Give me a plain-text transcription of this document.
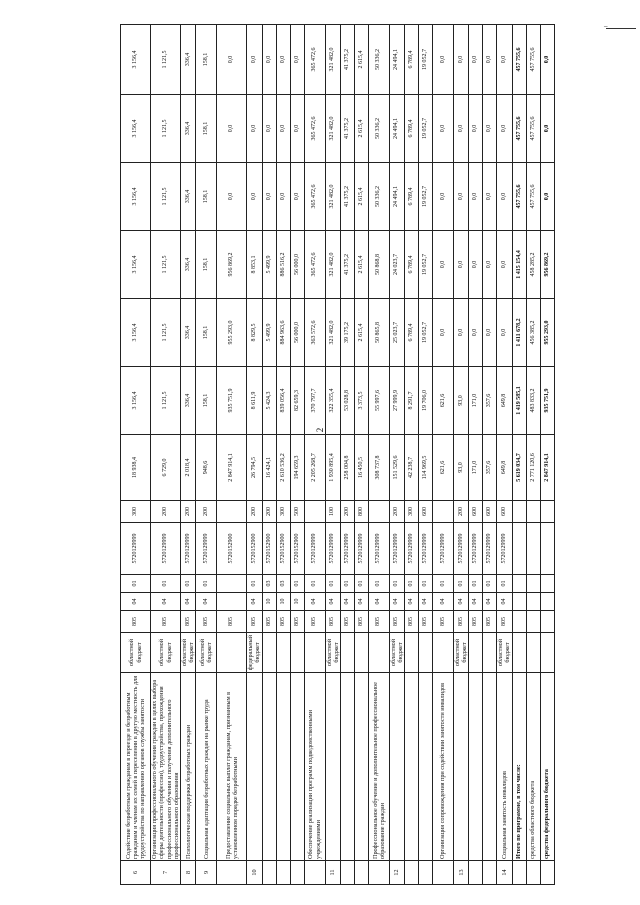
2
–
6	Содействие безработным гражданам в переезде и безработным гражданам и членам их семей в переселении в другую местность для трудоустройства по направлению органов службы занятости	областной бюджет	805	04	01	5720129999	300	18 938,4	3 156,4	3 156,4	3 156,4	3 156,4	3 156,4	3 156,4
7	Организация профессионального обучения граждан в целях выбора сферы деятельности (профессии), трудоустройства, прохождения профессионального обучения и получения дополнительного профессионального образования	областной бюджет	805	04	01	5720129999	200	6 729,0	1 121,5	1 121,5	1 121,5	1 121,5	1 121,5	1 121,5
8	Психологическая поддержка безработных граждан	областной бюджет	805	04	01	5720129999	200	2 018,4	336,4	336,4	336,4	336,4	336,4	336,4
9	Социальная адаптация безработных граждан на рынке труда	областной бюджет	805	04	01	5720129999	200	948,6	158,1	158,1	158,1	158,1	158,1	158,1
	Предоставление социальных выплат гражданам, признанным в установленном порядке безработными		805			5720152900		2 847 914,1	935 751,9	955 293,0	956 869,2	0,0	0,0	0,0
10		федеральный бюджет	805	04	01	5720152900	200	26 794,5	8 611,9	8 829,5	8 853,1	0,0	0,0	0,0
			805	10	03	5720152900	200	16 424,1	5 424,3	5 499,9	5 499,9	0,0	0,0	0,0
			805	10	03	5720152900	300	2 610 536,2	839 056,4	884 963,6	886 516,2	0,0	0,0	0,0
			805	10	01	5720152900	500	194 659,3	82 659,3	56 000,0	56 000,0	0,0	0,0	0,0
	Обеспечение реализации программ подведомственными учреждениями		805	04	01	5720129999		2 205 268,7	370 797,7	363 572,6	365 472,6	365 472,6	365 472,6	365 472,6
11		областной бюджет	805	04	01	5720129999	100	1 930 895,4	322 355,4	321 482,0	321 482,0	321 482,0	321 482,0	321 482,0
			805	04	01	5720129999	200	258 004,8	53 028,8	39 175,2	41 375,2	41 375,2	41 375,2	41 375,2
			805	04	01	5720129999	800	16 450,5	3 373,5	2 615,4	2 615,4	2 615,4	2 615,4	2 615,4
	Профессиональное обучение и дополнительное профессиональное образование граждан		805	04	01	5720129999		308 737,8	55 997,6	50 865,8	50 868,8	50 336,2	50 336,2	50 336,2
12		областной бюджет	805	04	01	5720129999	200	151 529,6	27 999,9	25 023,7	24 023,7	24 494,1	24 494,1	24 494,1
			805	04	01	5720129999	300	42 238,7	8 291,7	6 789,4	6 789,4	6 789,4	6 789,4	6 789,4
			805	04	01	5720129999	600	114 969,5	19 706,0	19 052,7	19 052,7	19 052,7	19 052,7	19 052,7
	Организация сопровождения при содействии занятости инвалидов		805	04	01	5720129999		621,6	621,6	0,0	0,0	0,0	0,0	0,0
13		областной бюджет	805	04	01	5720129999	200	93,0	93,0	0,0	0,0	0,0	0,0	0,0
			805	04	01	5720129999	600	171,0	171,0	0,0	0,0	0,0	0,0	0,0
			805	04	01	5720129999	600	357,6	357,6	0,0	0,0	0,0	0,0	0,0
14	Социальная занятость инвалидов	областной бюджет	805	04	01	5720129999	600	649,8	649,8	0,0	0,0	0,0	0,0	0,0
	Итого по программе, в том числе:							5 619 034,7	1 419 585,1	1 411 678,2	1 415 154,4	457 755,6	457 755,6	457 755,6
	средства областного бюджета							2 771 120,6	483 833,2	456 385,2	458 285,2	457 755,6	457 755,6	457 755,6
	средства федерального бюджета							2 847 914,1	935 751,9	955 293,0	956 869,2	0,0	0,0	0,0
